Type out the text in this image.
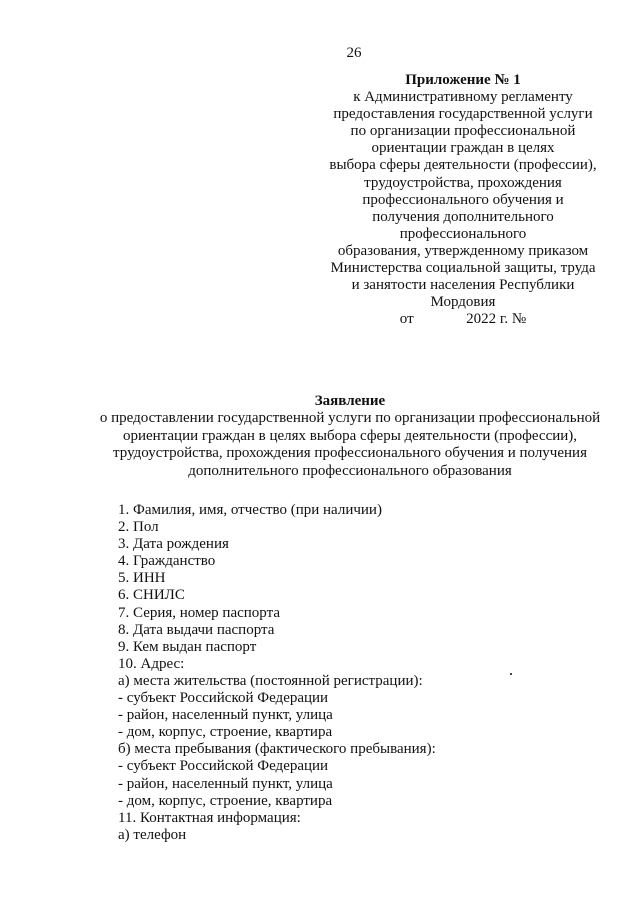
26
Приложение № 1
к Административному регламенту
предоставления государственной услуги
по организации профессиональной
ориентации граждан в целях
выбора сферы деятельности (профессии),
трудоустройства, прохождения
профессионального обучения и
получения дополнительного
профессионального
образования, утвержденному приказом
Министерства социальной защиты, труда
и занятости населения Республики
Мордовия
от              2022 г. №
Заявление
о предоставлении государственной услуги по организации профессиональной
ориентации граждан в целях выбора сферы деятельности (профессии),
трудоустройства, прохождения профессионального обучения и получения
дополнительного профессионального образования
1. Фамилия, имя, отчество (при наличии)
2. Пол
3. Дата рождения
4. Гражданство
5. ИНН
6. СНИЛС
7. Серия, номер паспорта
8. Дата выдачи паспорта
9. Кем выдан паспорт
10. Адрес:
а) места жительства (постоянной регистрации):
- субъект Российской Федерации
- район, населенный пункт, улица
- дом, корпус, строение, квартира
б) места пребывания (фактического пребывания):
- субъект Российской Федерации
- район, населенный пункт, улица
- дом, корпус, строение, квартира
11. Контактная информация:
а) телефон
